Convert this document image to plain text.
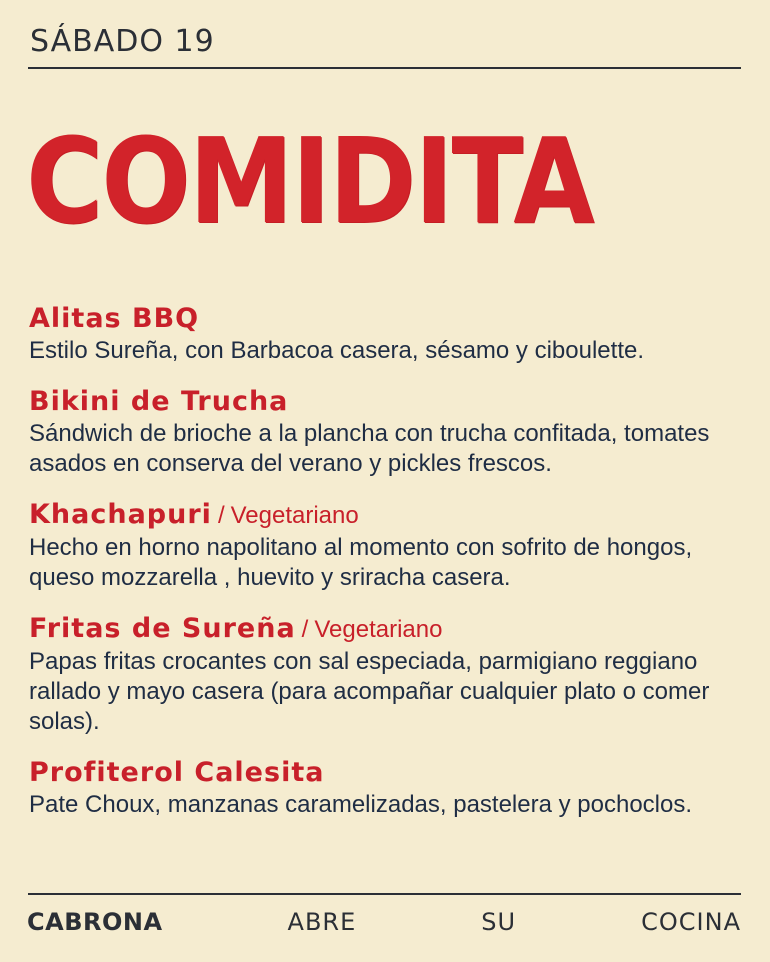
SÁBADO 19
COMIDITA
Alitas BBQ
Estilo Sureña, con Barbacoa casera, sésamo y ciboulette.
Bikini de Trucha
Sándwich de brioche a la plancha con trucha confitada, tomates asados en conserva del verano y pickles frescos.
Khachapuri / Vegetariano
Hecho en horno napolitano al momento con sofrito de hongos, queso mozzarella , huevito y sriracha casera.
Fritas de Sureña / Vegetariano
Papas fritas crocantes con sal especiada, parmigiano reggiano rallado y mayo casera (para acompañar cualquier plato o comer solas).
Profiterol Calesita
Pate Choux, manzanas caramelizadas, pastelera y pochoclos.
CABRONA	ABRE	SU	COCINA
